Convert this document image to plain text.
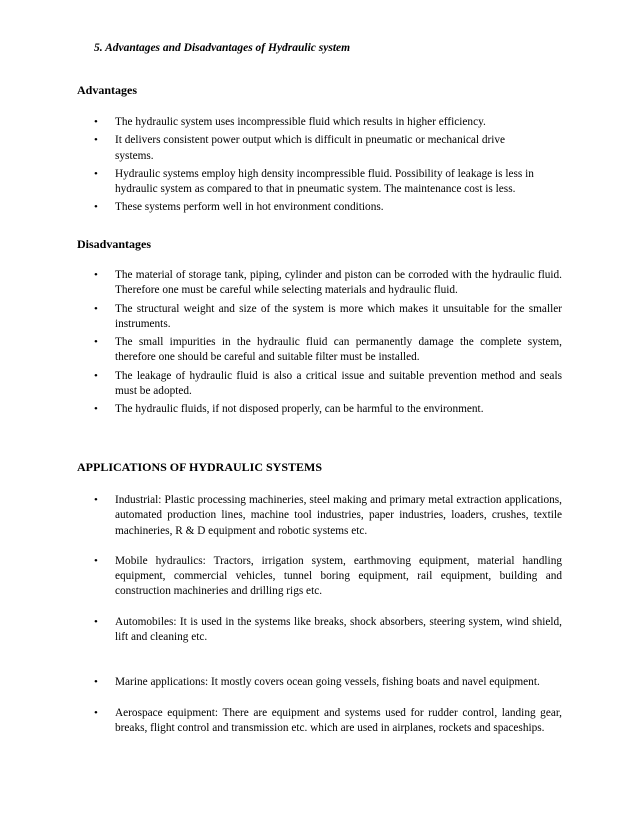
5. Advantages and Disadvantages of Hydraulic system
Advantages
• The hydraulic system uses incompressible fluid which results in higher efficiency.
• It delivers consistent power output which is difficult in pneumatic or mechanical drive systems.
• Hydraulic systems employ high density incompressible fluid. Possibility of leakage is less in hydraulic system as compared to that in pneumatic system. The maintenance cost is less.
• These systems perform well in hot environment conditions.
Disadvantages
• The material of storage tank, piping, cylinder and piston can be corroded with the hydraulic fluid. Therefore one must be careful while selecting materials and hydraulic fluid.
• The structural weight and size of the system is more which makes it unsuitable for the smaller instruments.
• The small impurities in the hydraulic fluid can permanently damage the complete system, therefore one should be careful and suitable filter must be installed.
• The leakage of hydraulic fluid is also a critical issue and suitable prevention method and seals must be adopted.
• The hydraulic fluids, if not disposed properly, can be harmful to the environment.
APPLICATIONS OF HYDRAULIC SYSTEMS
• Industrial: Plastic processing machineries, steel making and primary metal extraction applications, automated production lines, machine tool industries, paper industries, loaders, crushes, textile machineries, R & D equipment and robotic systems etc.
• Mobile hydraulics: Tractors, irrigation system, earthmoving equipment, material handling equipment, commercial vehicles, tunnel boring equipment, rail equipment, building and construction machineries and drilling rigs etc.
• Automobiles: It is used in the systems like breaks, shock absorbers, steering system, wind shield, lift and cleaning etc.
• Marine applications: It mostly covers ocean going vessels, fishing boats and navel equipment.
• Aerospace equipment: There are equipment and systems used for rudder control, landing gear, breaks, flight control and transmission etc. which are used in airplanes, rockets and spaceships.
